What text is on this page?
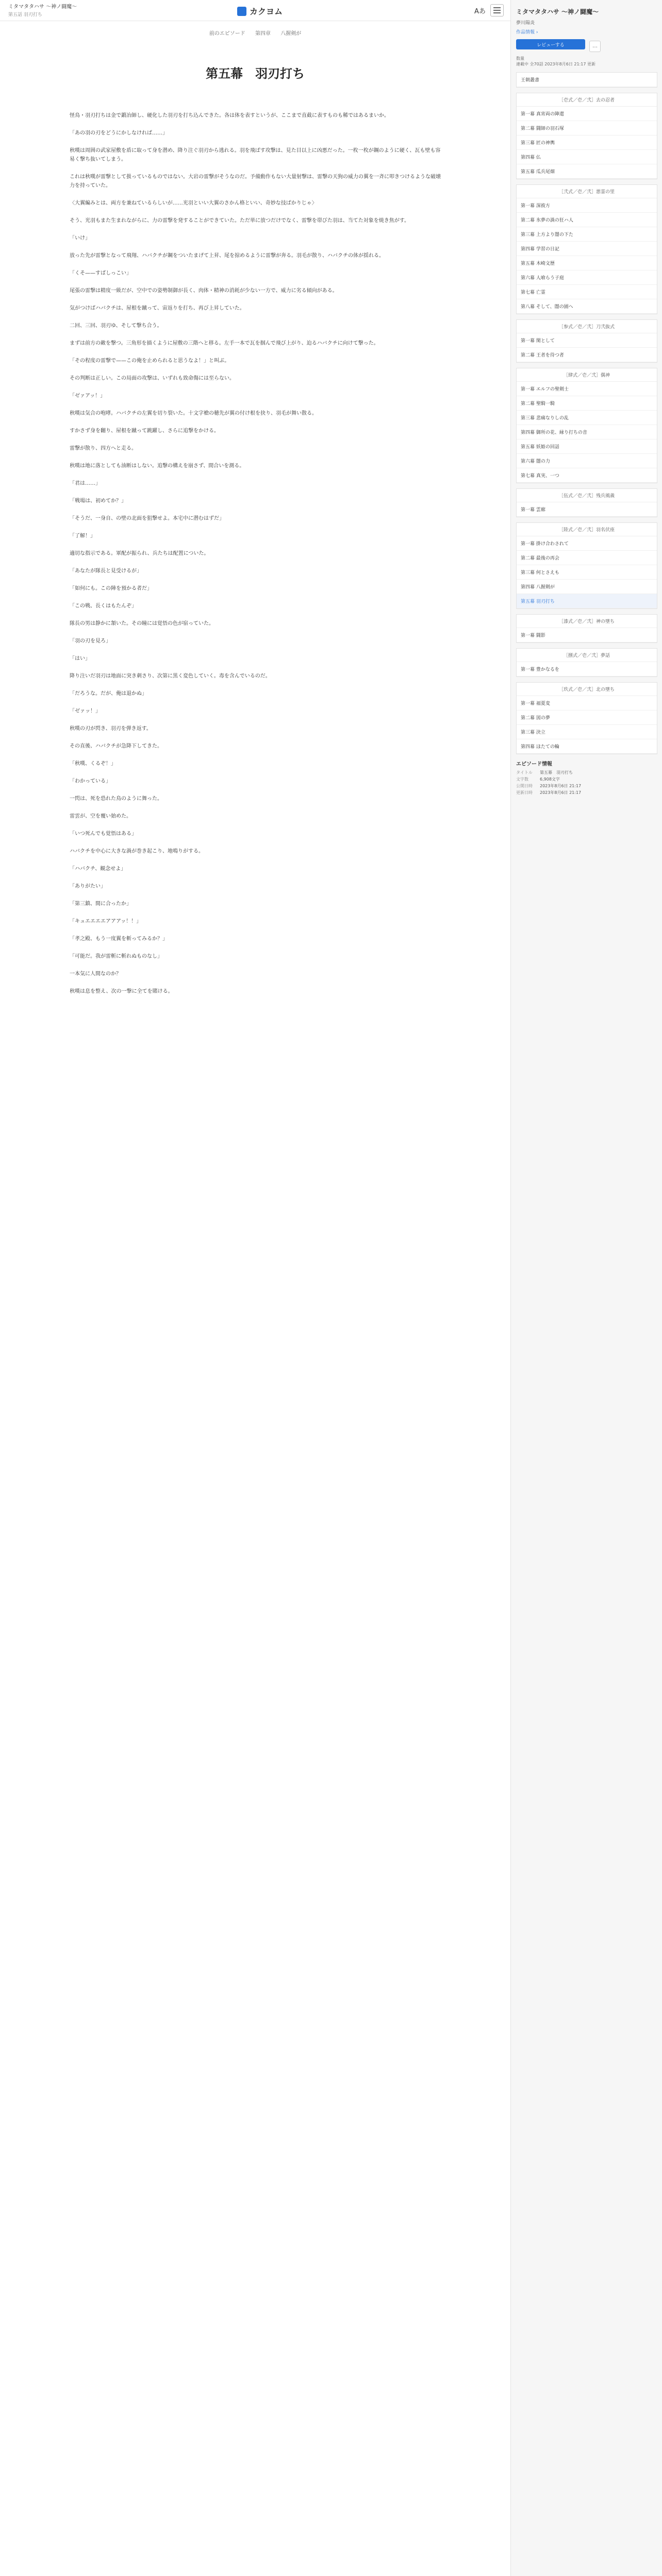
ミタマタタハサ ～神ノ闘魔～
第五話 羽刃打ち	カクヨム	Aあ
前のエピソード 第四章 八握剣が
第五幕　羽刃打ち

怪鳥・羽刃打ちは金で鍛冶師し、硬化した羽刃を打ち込んできた。各は体を表すというが、ここまで直截に表すものも稀ではあるまいか。

「あの羽の刃をどうにかしなければ……」

秋嘆は周囲の武家屋敷を盾に取って身を潜め、降り注ぐ羽刃から逃れる。羽を飛ばす攻撃は、見た目以上に凶悪だった。一枚一枚が鋼のように硬く、瓦も壁も容易く撃ち抜いてしまう。

これは秋嘆が雷撃として扱っているものではない。大岩の雷撃がそうなのだ。予備動作もない大量射撃は、雷撃の天狗の威力の翼を一斉に叩きつけるような破壊力を持っていた。

〈大翼編みとは、両方を兼ねているらしいが……光羽といい大翼のさかん格といい、奇妙な技ばかりじゃ〉

そう、光羽もまた生まれながらに、力の雷撃を発することができていた。ただ単に放つだけでなく、雷撃を帯びた羽は、当てた対象を焼き焦がす。

「いけ」

放った先が雷撃となって飛翔、ハバクチが鋼をついたまげて上昇、尾を掠めるように雷撃が奔る。羽毛が散り、ハバクチの体が揺れる。

「くそ——すばしっこい」

尾張の雷撃は精度一級だが、空中での姿勢制御が長く、肉体・精神の消耗が少ない一方で、威力に劣る傾向がある。

気がつけばハバクチは、屋根を蹴って、宙返りを打ち、再び上昇していた。

二回、三回、羽刃ゆ、そして撃ち合う。

まずは前方の敵を撃つ。三角形を描くように屋敷の三階へと移る。左手一本で瓦を掴んで飛び上がり、迫るハバクチに向けて撃った。

「その程度の雷撃で——この俺を止められると思うなよ！」と叫ぶ。

その判断は正しい。この局面の攻撃は、いずれも致命傷には至らない。

「ゼァアッ！」

秋嘆は気合の咆哮。ハバクチの左翼を切り裂いた。十文字槍の穂先が翼の付け根を抉り、羽毛が舞い散る。

すかさず身を翻り、屋根を蹴って跳躍し、さらに追撃をかける。

雷撃が散り、四方へと走る。

秋嘆は地に落としても油断はしない。追撃の構えを崩さず、間合いを測る。

「君は……」

「戦場は、初めてか？」

「そうだ、一身自、の壁の北面を狙撃せよ。本宅中に潜むはずだ」

「了解！」

適切な指示である。軍配が振られ、兵たちは配置についた。

「あなたが隊長と見受けるが」

「如何にも。この陣を預かる者だ」

「この戦、長くはもたんぞ」

隊長の男は静かに頷いた。その瞳には覚悟の色が宿っていた。

「羽の刃を見ろ」

「はい」

降り注いだ羽刃は地面に突き刺さり、次第に黒く変色していく。毒を含んでいるのだ。

「だろうな。だが、俺は退かぬ」

「ゼァッ！」

秋嘆の刃が閃き、羽刃を弾き返す。

その直後、ハバクチが急降下してきた。

「秋嘆、くるぞ！」

「わかっている」

一閃は、死を恐れた鳥のように舞った。

雷雲が、空を覆い始めた。

「いつ死んでも覚悟はある」

ハバクチを中心に大きな渦が巻き起こり、地鳴りがする。

「ハバクチ、観念せよ」

「ありがたい」

「第三鎮、間に合ったか」

「キュエエエエアアアッ！！」

「孝之殿、もう一度翼を斬ってみるか？」

「可能だ。我が雷斬に斬れぬものなし」

一本気に人間なのか？

秋嘆は息を整え、次の一撃に全てを賭ける。

ミタマタタハサ ～神ノ闘魔～
夢川陽炎
作品情報 ›
レビューする	…
数量
連載中 全70話 2023年8月6日 21:17 更新
王朝叢書
［壱式／壱／弐］去の忍者
第一幕 真宵両の陣還
第二幕 闘師の羽石塚
第三幕 匠の神輿
第四幕 仏
第五幕 瓜兵尾畑
［弐式／壱／弐］悪霊の里
第一幕 深彼方
第二幕 氷夢の渦の狂ハ人
第三幕 上方より闇の下た
第四幕 学習の日記
第五幕 木崎文歴
第六幕 人喰らう子庭
第七幕 亡霊
第八幕 そして、闇の園へ
［参式／壱／弐］刀弐抜式
第一幕 閑として
第二幕 王者を待つ者
［肆式／壱／弐］偶神
第一幕 エルフの聖剣士
第二幕 聖騎一騎
第三幕 悲痛なりしの乱
第四幕 御所の花、縁り打ちの音
第五幕 妖姫の回話
第六幕 闇の力
第七幕 真実、一つ
［伍式／壱／弐］残兵風義
第一幕 雲廊
［陸式／壱／弐］羽名伏座
第一幕 掛け合わされて
第二幕 最後の再会
第三幕 何とさえも
第四幕 八握剣が
第五幕 羽刃打ち
［漆式／壱／弐］神の墜ち
第一幕 闘影
［捌式／壱／弐］夢話
第一幕 豊かなるを
［玖式／壱／弐］北の墜ち
第一幕 福夏変
第二幕 図の夢
第三幕 決立
第四幕 ほたての輪
エピソード情報
タイトル	第五幕　羽刃打ち
文字数	6,908文字
公開日時	2023年8月6日 21:17
更新日時	2023年8月6日 21:17
